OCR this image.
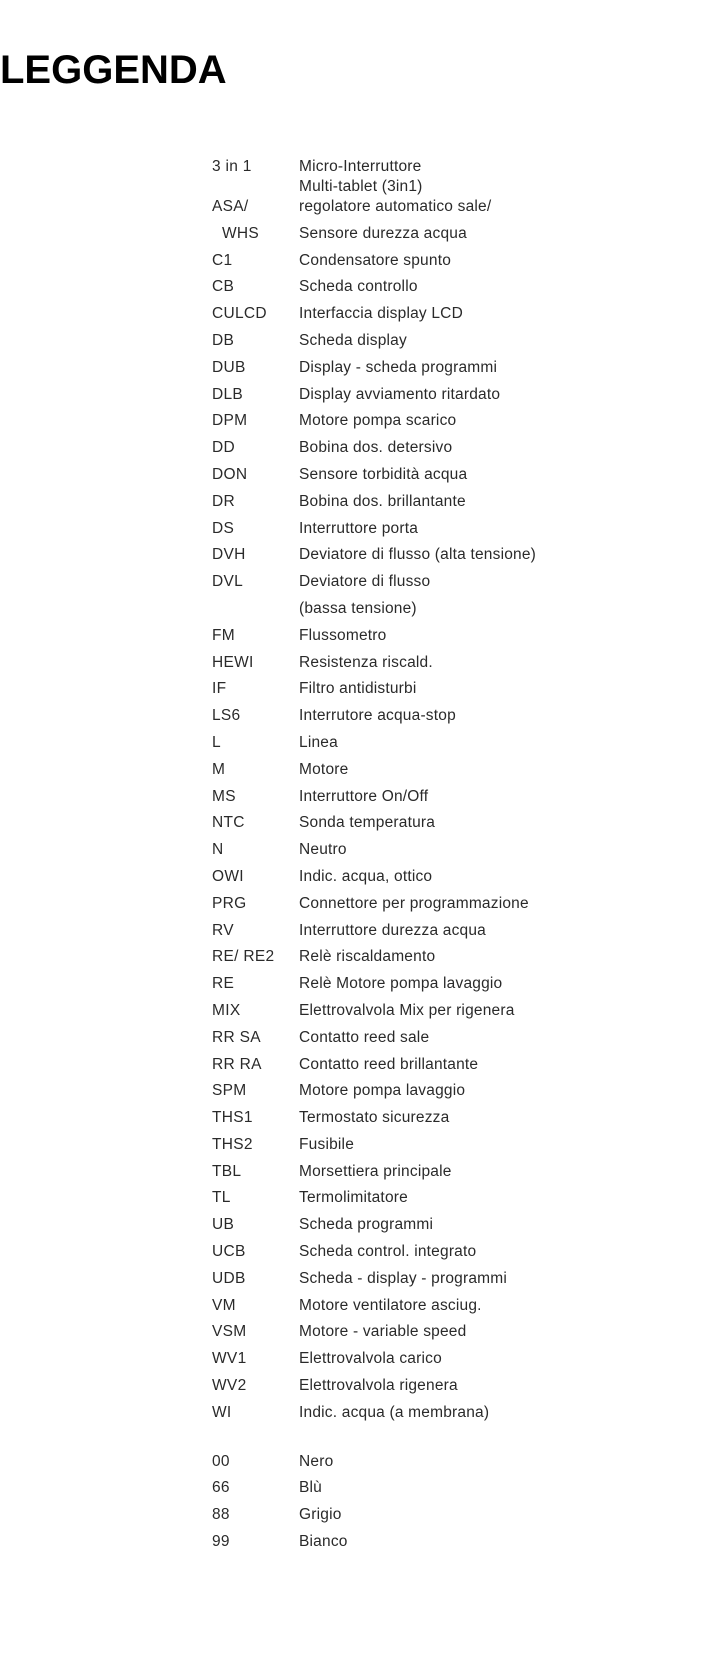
LEGGENDA
3 in 1	Micro-Interruttore
Multi-tablet (3in1)
ASA/	regolatore automatico sale/
WHS	Sensore durezza acqua
C1	Condensatore spunto
CB	Scheda controllo
CULCD	Interfaccia display LCD
DB	Scheda display
DUB	Display - scheda programmi
DLB	Display avviamento ritardato
DPM	Motore pompa scarico
DD	Bobina dos. detersivo
DON	Sensore torbidità acqua
DR	Bobina dos. brillantante
DS	Interruttore porta
DVH	Deviatore di flusso (alta tensione)
DVL	Deviatore di flusso
(bassa tensione)
FM	Flussometro
HEWI	Resistenza riscald.
IF	Filtro antidisturbi
LS6	Interrutore acqua-stop
L	Linea
M	Motore
MS	Interruttore On/Off
NTC	Sonda temperatura
N	Neutro
OWI	Indic. acqua, ottico
PRG	Connettore per programmazione
RV	Interruttore durezza acqua
RE/ RE2	Relè riscaldamento
RE	Relè Motore pompa lavaggio
MIX	Elettrovalvola Mix per rigenera
RR SA	Contatto reed sale
RR RA	Contatto reed brillantante
SPM	Motore pompa lavaggio
THS1	Termostato sicurezza
THS2	Fusibile
TBL	Morsettiera principale
TL	Termolimitatore
UB	Scheda programmi
UCB	Scheda control. integrato
UDB	Scheda - display - programmi
VM	Motore ventilatore asciug.
VSM	Motore - variable speed
WV1	Elettrovalvola carico
WV2	Elettrovalvola rigenera
WI	Indic. acqua (a membrana)
00	Nero
66	Blù
88	Grigio
99	Bianco
